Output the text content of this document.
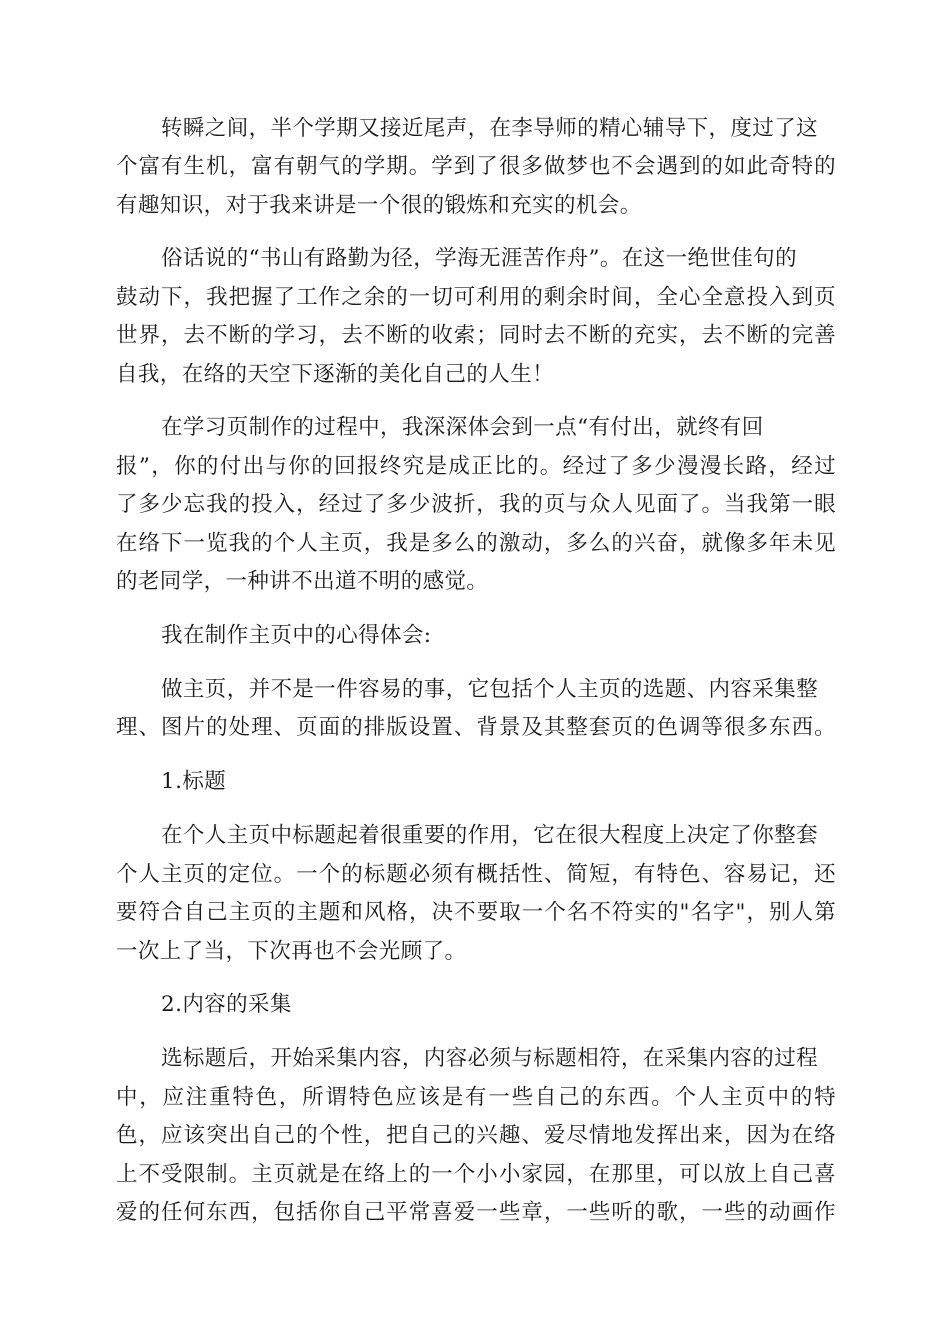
转瞬之间，半个学期又接近尾声，在李导师的精心辅导下，度过了这
个富有生机，富有朝气的学期。学到了很多做梦也不会遇到的如此奇特的
有趣知识，对于我来讲是一个很的锻炼和充实的机会。
俗话说的“书山有路勤为径，学海无涯苦作舟”。在这一绝世佳句的
鼓动下，我把握了工作之余的一切可利用的剩余时间，全心全意投入到页
世界，去不断的学习，去不断的收索；同时去不断的充实，去不断的完善
自我，在络的天空下逐渐的美化自己的人生！
在学习页制作的过程中，我深深体会到一点“有付出，就终有回
报”，你的付出与你的回报终究是成正比的。经过了多少漫漫长路，经过
了多少忘我的投入，经过了多少波折，我的页与众人见面了。当我第一眼
在络下一览我的个人主页，我是多么的激动，多么的兴奋，就像多年未见
的老同学，一种讲不出道不明的感觉。
我在制作主页中的心得体会:
做主页，并不是一件容易的事，它包括个人主页的选题、内容采集整
理、图片的处理、页面的排版设置、背景及其整套页的色调等很多东西。
1.标题
在个人主页中标题起着很重要的作用，它在很大程度上决定了你整套
个人主页的定位。一个的标题必须有概括性、简短，有特色、容易记，还
要符合自己主页的主题和风格，决不要取一个名不符实的"名字"，别人第
一次上了当，下次再也不会光顾了。
2.内容的采集
选标题后，开始采集内容，内容必须与标题相符，在采集内容的过程
中，应注重特色，所谓特色应该是有一些自己的东西。个人主页中的特
色，应该突出自己的个性，把自己的兴趣、爱尽情地发挥出来，因为在络
上不受限制。主页就是在络上的一个小小家园，在那里，可以放上自己喜
爱的任何东西，包括你自己平常喜爱一些章，一些听的歌，一些的动画作
